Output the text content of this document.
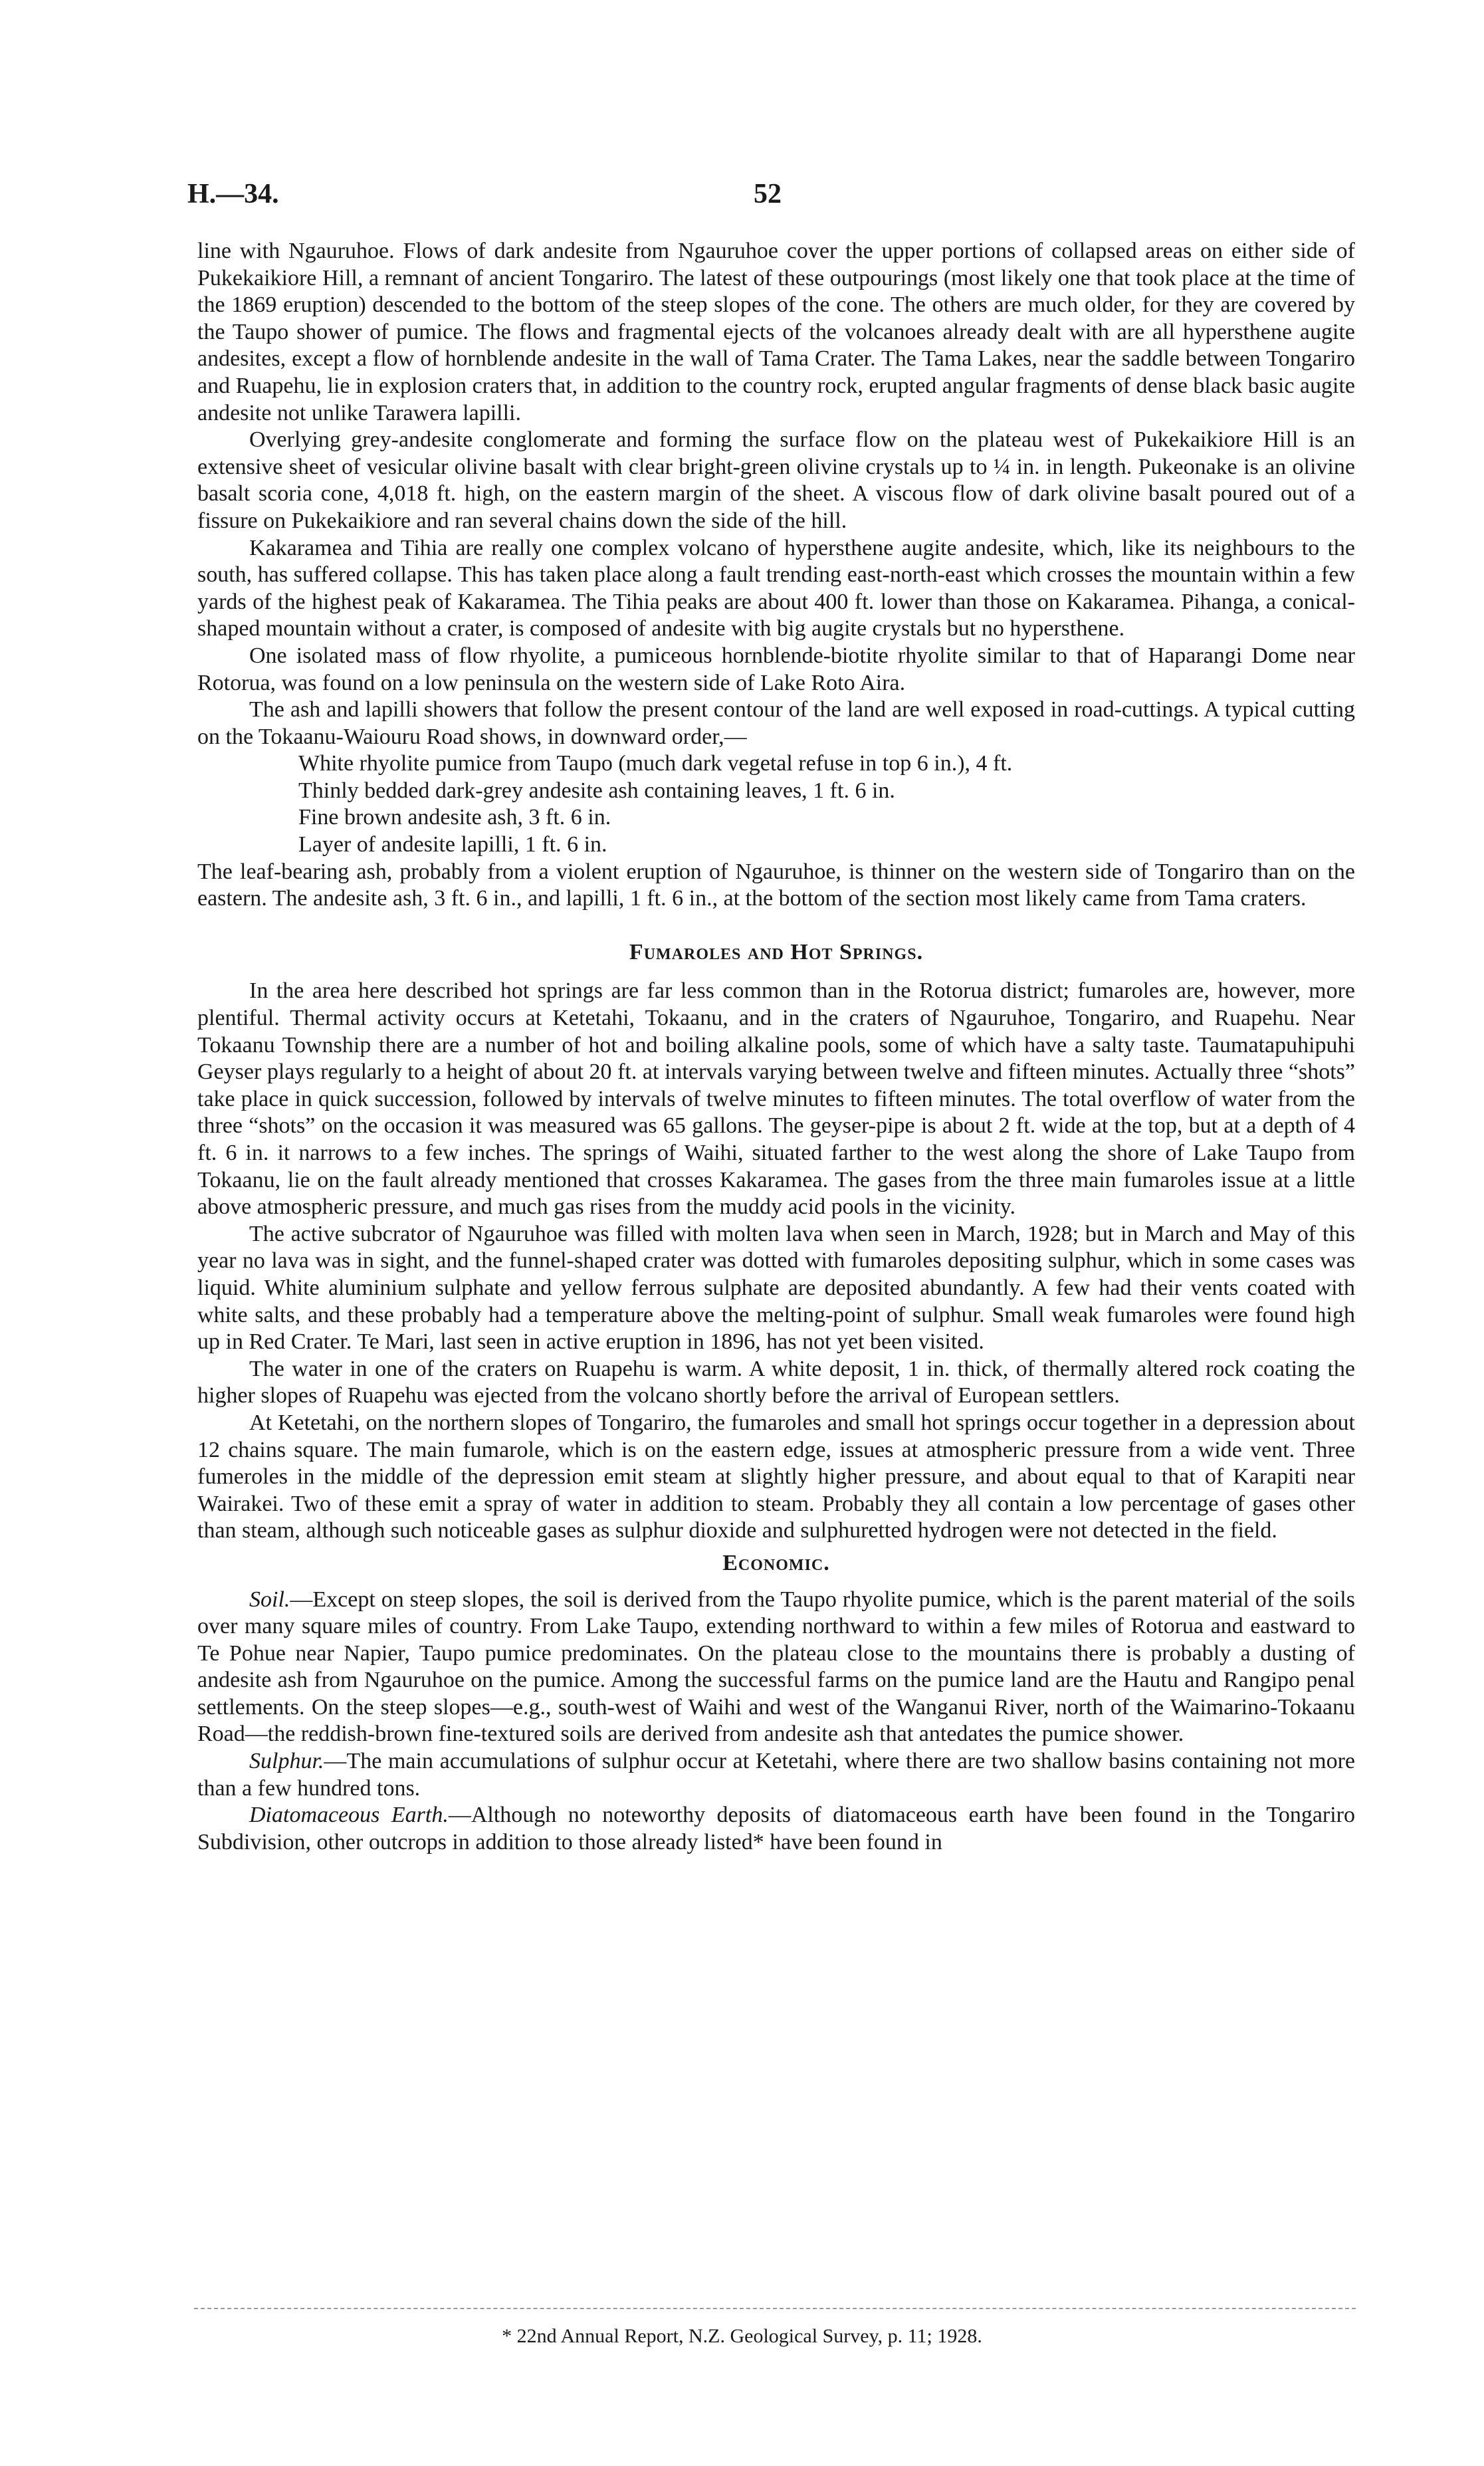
H.—34.	52

line with Ngauruhoe. Flows of dark andesite from Ngauruhoe cover the upper portions of collapsed areas on either side of Pukekaikiore Hill, a remnant of ancient Tongariro. The latest of these outpourings (most likely one that took place at the time of the 1869 eruption) descended to the bottom of the steep slopes of the cone. The others are much older, for they are covered by the Taupo shower of pumice. The flows and fragmental ejects of the volcanoes already dealt with are all hypersthene augite andesites, except a flow of hornblende andesite in the wall of Tama Crater. The Tama Lakes, near the saddle between Tongariro and Ruapehu, lie in explosion craters that, in addition to the country rock, erupted angular fragments of dense black basic augite andesite not unlike Tarawera lapilli.

Overlying grey-andesite conglomerate and forming the surface flow on the plateau west of Pukekaikiore Hill is an extensive sheet of vesicular olivine basalt with clear bright-green olivine crystals up to ¼ in. in length. Pukeonake is an olivine basalt scoria cone, 4,018 ft. high, on the eastern margin of the sheet. A viscous flow of dark olivine basalt poured out of a fissure on Pukekaikiore and ran several chains down the side of the hill.

Kakaramea and Tihia are really one complex volcano of hypersthene augite andesite, which, like its neighbours to the south, has suffered collapse. This has taken place along a fault trending east-north-east which crosses the mountain within a few yards of the highest peak of Kakaramea. The Tihia peaks are about 400 ft. lower than those on Kakaramea. Pihanga, a conical-shaped mountain without a crater, is composed of andesite with big augite crystals but no hypersthene.

One isolated mass of flow rhyolite, a pumiceous hornblende-biotite rhyolite similar to that of Haparangi Dome near Rotorua, was found on a low peninsula on the western side of Lake Roto Aira.

The ash and lapilli showers that follow the present contour of the land are well exposed in road-cuttings. A typical cutting on the Tokaanu-Waiouru Road shows, in downward order,—

White rhyolite pumice from Taupo (much dark vegetal refuse in top 6 in.), 4 ft.
Thinly bedded dark-grey andesite ash containing leaves, 1 ft. 6 in.
Fine brown andesite ash, 3 ft. 6 in.
Layer of andesite lapilli, 1 ft. 6 in.

The leaf-bearing ash, probably from a violent eruption of Ngauruhoe, is thinner on the western side of Tongariro than on the eastern. The andesite ash, 3 ft. 6 in., and lapilli, 1 ft. 6 in., at the bottom of the section most likely came from Tama craters.

Fumaroles and Hot Springs.

In the area here described hot springs are far less common than in the Rotorua district; fumaroles are, however, more plentiful. Thermal activity occurs at Ketetahi, Tokaanu, and in the craters of Ngauruhoe, Tongariro, and Ruapehu. Near Tokaanu Township there are a number of hot and boiling alkaline pools, some of which have a salty taste. Taumatapuhipuhi Geyser plays regularly to a height of about 20 ft. at intervals varying between twelve and fifteen minutes. Actually three “shots” take place in quick succession, followed by intervals of twelve minutes to fifteen minutes. The total overflow of water from the three “shots” on the occasion it was measured was 65 gallons. The geyser-pipe is about 2 ft. wide at the top, but at a depth of 4 ft. 6 in. it narrows to a few inches. The springs of Waihi, situated farther to the west along the shore of Lake Taupo from Tokaanu, lie on the fault already mentioned that crosses Kakaramea. The gases from the three main fumaroles issue at a little above atmospheric pressure, and much gas rises from the muddy acid pools in the vicinity.

The active subcrator of Ngauruhoe was filled with molten lava when seen in March, 1928; but in March and May of this year no lava was in sight, and the funnel-shaped crater was dotted with fumaroles depositing sulphur, which in some cases was liquid. White aluminium sulphate and yellow ferrous sulphate are deposited abundantly. A few had their vents coated with white salts, and these probably had a temperature above the melting-point of sulphur. Small weak fumaroles were found high up in Red Crater. Te Mari, last seen in active eruption in 1896, has not yet been visited.

The water in one of the craters on Ruapehu is warm. A white deposit, 1 in. thick, of thermally altered rock coating the higher slopes of Ruapehu was ejected from the volcano shortly before the arrival of European settlers.

At Ketetahi, on the northern slopes of Tongariro, the fumaroles and small hot springs occur together in a depression about 12 chains square. The main fumarole, which is on the eastern edge, issues at atmospheric pressure from a wide vent. Three fumeroles in the middle of the depression emit steam at slightly higher pressure, and about equal to that of Karapiti near Wairakei. Two of these emit a spray of water in addition to steam. Probably they all contain a low percentage of gases other than steam, although such noticeable gases as sulphur dioxide and sulphuretted hydrogen were not detected in the field.

Economic.

Soil.—Except on steep slopes, the soil is derived from the Taupo rhyolite pumice, which is the parent material of the soils over many square miles of country. From Lake Taupo, extending northward to within a few miles of Rotorua and eastward to Te Pohue near Napier, Taupo pumice predominates. On the plateau close to the mountains there is probably a dusting of andesite ash from Ngauruhoe on the pumice. Among the successful farms on the pumice land are the Hautu and Rangipo penal settlements. On the steep slopes—e.g., south-west of Waihi and west of the Wanganui River, north of the Waimarino-Tokaanu Road—the reddish-brown fine-textured soils are derived from andesite ash that antedates the pumice shower.

Sulphur.—The main accumulations of sulphur occur at Ketetahi, where there are two shallow basins containing not more than a few hundred tons.

Diatomaceous Earth.—Although no noteworthy deposits of diatomaceous earth have been found in the Tongariro Subdivision, other outcrops in addition to those already listed* have been found in

* 22nd Annual Report, N.Z. Geological Survey, p. 11; 1928.
